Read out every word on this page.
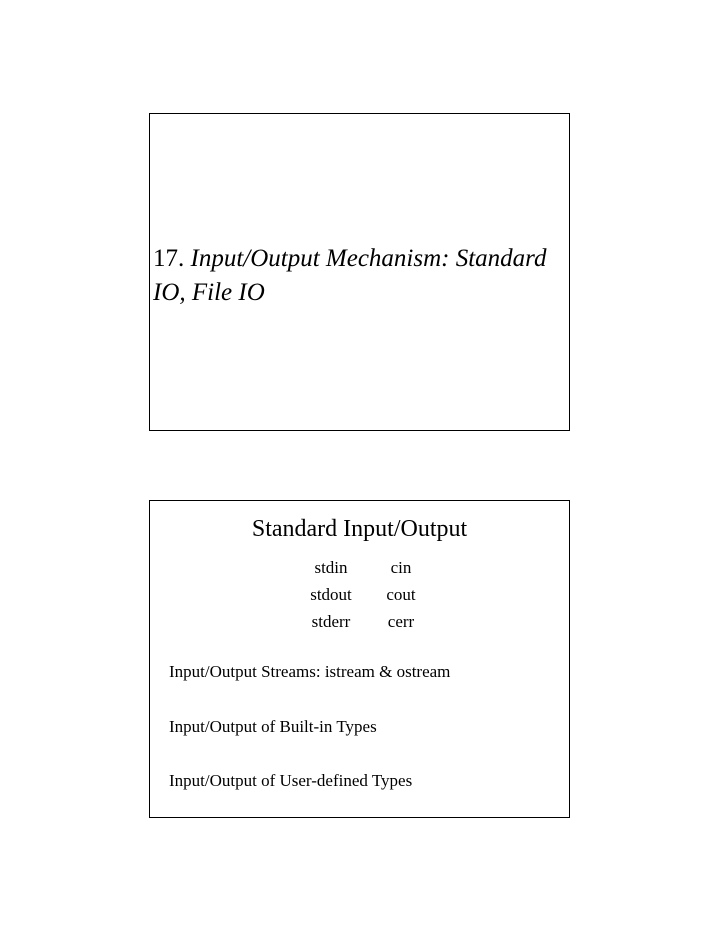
17. Input/Output Mechanism: Standard IO, File IO
Standard Input/Output
stdin	cin
stdout	cout
stderr	cerr

Input/Output Streams: istream & ostream

Input/Output of Built-in Types

Input/Output of User-defined Types
